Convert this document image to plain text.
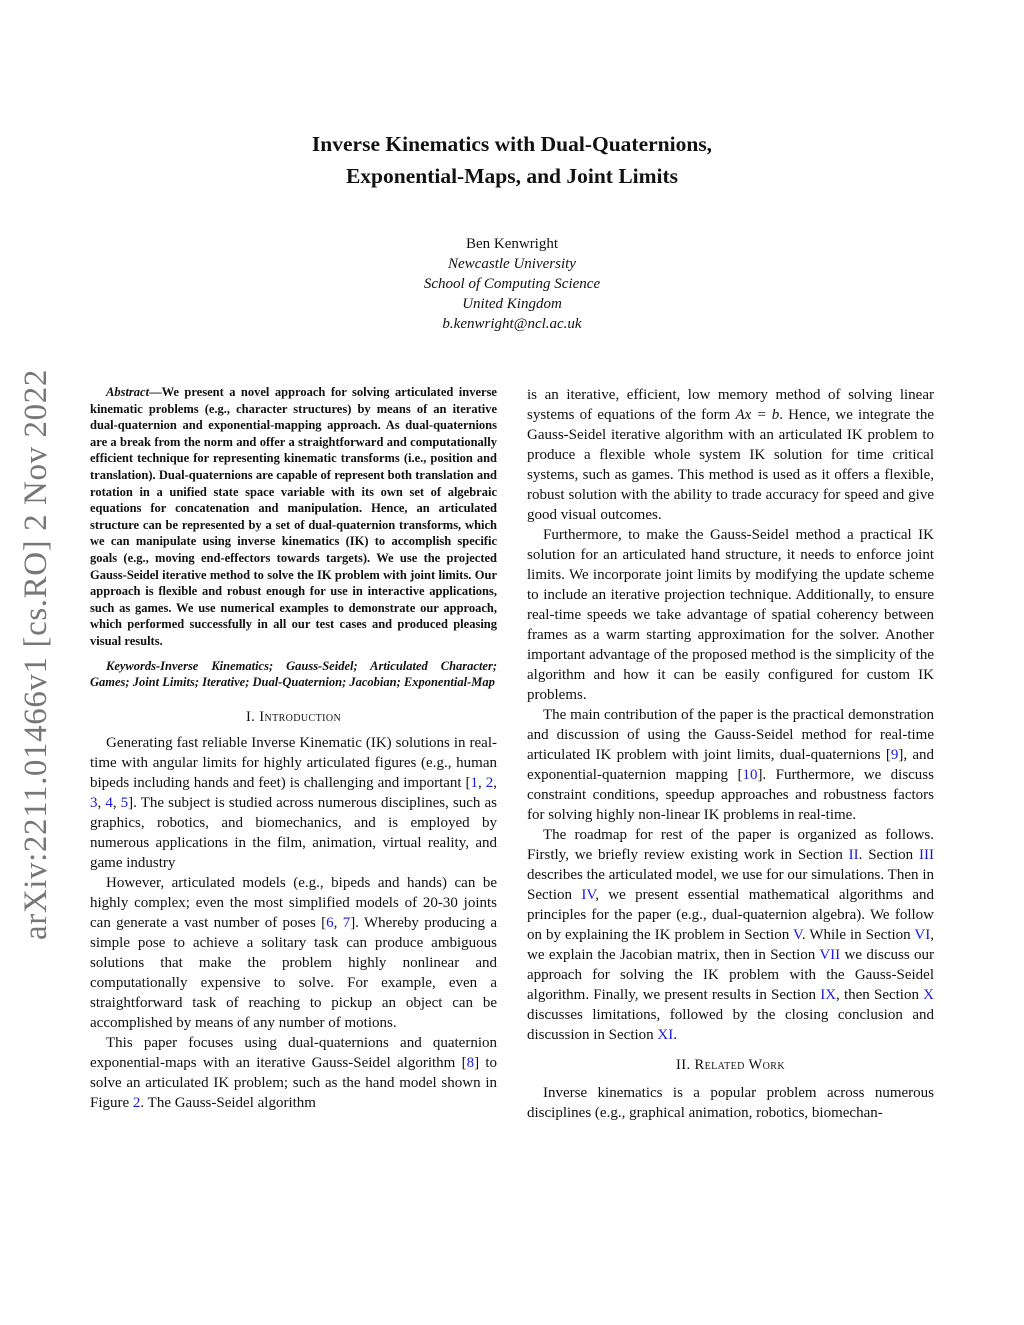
arXiv:2211.01466v1 [cs.RO] 2 Nov 2022
Inverse Kinematics with Dual-Quaternions,
Exponential-Maps, and Joint Limits
Ben Kenwright
Newcastle University
School of Computing Science
United Kingdom
b.kenwright@ncl.ac.uk
Abstract—We present a novel approach for solving articulated inverse kinematic problems (e.g., character structures) by means of an iterative dual-quaternion and exponential-mapping approach. As dual-quaternions are a break from the norm and offer a straightforward and computationally efficient technique for representing kinematic transforms (i.e., position and translation). Dual-quaternions are capable of represent both translation and rotation in a unified state space variable with its own set of algebraic equations for concatenation and manipulation. Hence, an articulated structure can be represented by a set of dual-quaternion transforms, which we can manipulate using inverse kinematics (IK) to accomplish specific goals (e.g., moving end-effectors towards targets). We use the projected Gauss-Seidel iterative method to solve the IK problem with joint limits. Our approach is flexible and robust enough for use in interactive applications, such as games. We use numerical examples to demonstrate our approach, which performed successfully in all our test cases and produced pleasing visual results.
Keywords-Inverse Kinematics; Gauss-Seidel; Articulated Character; Games; Joint Limits; Iterative; Dual-Quaternion; Jacobian; Exponential-Map
I. Introduction

Generating fast reliable Inverse Kinematic (IK) solutions in real-time with angular limits for highly articulated figures (e.g., human bipeds including hands and feet) is challenging and important [1, 2, 3, 4, 5]. The subject is studied across numerous disciplines, such as graphics, robotics, and biomechanics, and is employed by numerous applications in the film, animation, virtual reality, and game industry

However, articulated models (e.g., bipeds and hands) can be highly complex; even the most simplified models of 20-30 joints can generate a vast number of poses [6, 7]. Whereby producing a simple pose to achieve a solitary task can produce ambiguous solutions that make the problem highly nonlinear and computationally expensive to solve. For example, even a straightforward task of reaching to pickup an object can be accomplished by means of any number of motions.

This paper focuses using dual-quaternions and quaternion exponential-maps with an iterative Gauss-Seidel algorithm [8] to solve an articulated IK problem; such as the hand model shown in Figure 2. The Gauss-Seidel algorithm

is an iterative, efficient, low memory method of solving linear systems of equations of the form Ax = b. Hence, we integrate the Gauss-Seidel iterative algorithm with an articulated IK problem to produce a flexible whole system IK solution for time critical systems, such as games. This method is used as it offers a flexible, robust solution with the ability to trade accuracy for speed and give good visual outcomes.

Furthermore, to make the Gauss-Seidel method a practical IK solution for an articulated hand structure, it needs to enforce joint limits. We incorporate joint limits by modifying the update scheme to include an iterative projection technique. Additionally, to ensure real-time speeds we take advantage of spatial coherency between frames as a warm starting approximation for the solver. Another important advantage of the proposed method is the simplicity of the algorithm and how it can be easily configured for custom IK problems.

The main contribution of the paper is the practical demonstration and discussion of using the Gauss-Seidel method for real-time articulated IK problem with joint limits, dual-quaternions [9], and exponential-quaternion mapping [10]. Furthermore, we discuss constraint conditions, speedup approaches and robustness factors for solving highly non-linear IK problems in real-time.

The roadmap for rest of the paper is organized as follows. Firstly, we briefly review existing work in Section II. Section III describes the articulated model, we use for our simulations. Then in Section IV, we present essential mathematical algorithms and principles for the paper (e.g., dual-quaternion algebra). We follow on by explaining the IK problem in Section V. While in Section VI, we explain the Jacobian matrix, then in Section VII we discuss our approach for solving the IK problem with the Gauss-Seidel algorithm. Finally, we present results in Section IX, then Section X discusses limitations, followed by the closing conclusion and discussion in Section XI.

II. Related Work

Inverse kinematics is a popular problem across numerous disciplines (e.g., graphical animation, robotics, biomechan-
